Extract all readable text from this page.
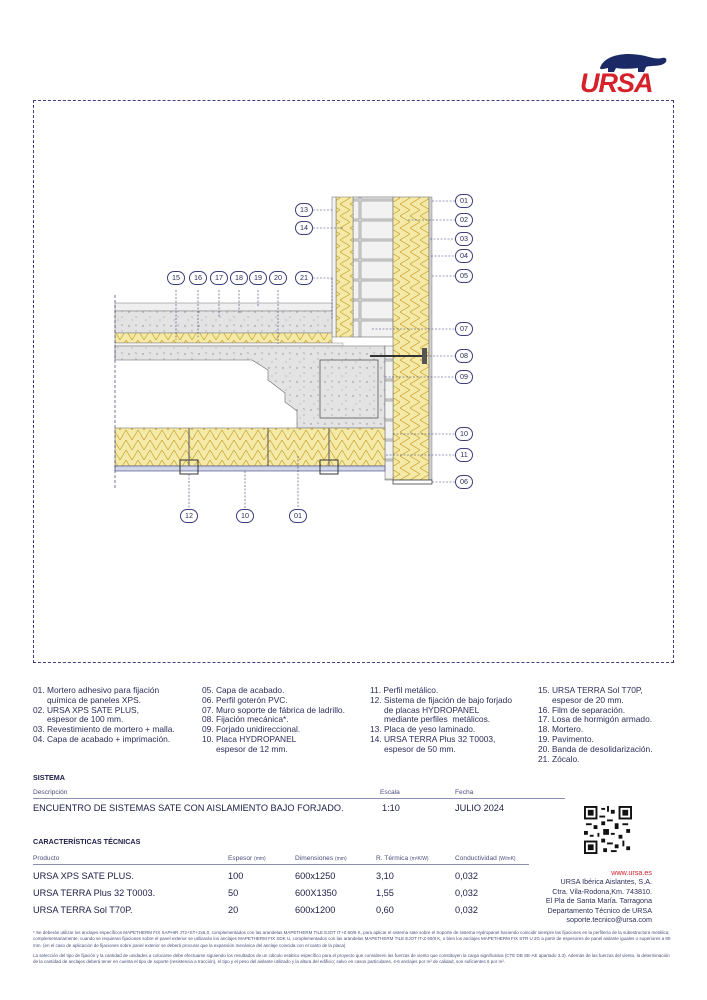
URSA
01
02
03
04
05
07
08
09
10
11
06
13
14
15	16	17	18	19	20	21
12	10	01
01. Mortero adhesivo para fijación
química de paneles XPS.
02. URSA XPS SATE PLUS,
espesor de 100 mm.
03. Revestimiento de mortero + malla.
04. Capa de acabado + imprimación.
05. Capa de acabado.
06. Perfil goterón PVC.
07. Muro soporte de fábrica de ladrillo.
08. Fijación mecánica*.
09. Forjado unidireccional.
10. Placa HYDROPANEL
espesor de 12 mm.
11. Perfil metálico.
12. Sistema de fijación de bajo forjado
de placas HYDROPANEL
mediante perfiles  metálicos.
13. Placa de yeso laminado.
14. URSA TERRA Plus 32 T0003,
espesor de 50 mm.
15. URSA TERRA Sol T70P,
espesor de 20 mm.
16. Film de separación.
17. Losa de hormigón armado.
18. Mortero.
19. Pavimento.
20. Banda de desolidarización.
21. Zócalo.
SISTEMA
Descripción	Escala	Fecha
ENCUENTRO DE SISTEMAS SATE CON AISLAMIENTO BAJO FORJADO.	1:10	JULIO 2024
CARACTERÍSTICAS TÉCNICAS
Producto	Espesor (mm)	Dimensiones (mm)	R. Térmica (m²K/W)	Conductividad (W/mK)
URSA XPS SATE PLUS.	100	600x1250	3,10	0,032
URSA TERRA Plus 32 T0003.	50	600X1350	1,55	0,032
URSA TERRA Sol T70P.	20	600x1200	0,60	0,032
www.ursa.es
URSA Ibérica Aislantes, S.A.
Ctra. Vila-Rodona,Km. 743810.
El Pla de Santa María. Tarragona
Departamento Técnico de URSA
soporte.tecnico@ursa.com
* Se deberán utilizar los anclajes específicos MAPETHERM FIX SAPHIR JT2+ST+2x6,0, complementados con las arandelas MAPETHERM TILE EJOT IT+Z 60/8 K, para aplicar el sistema sate sobre el Soporte de sistema Hydropanel haciendo coincidir siempre las fijaciones en la perfilería de la subestructura metálica; complementariamente, cuando se requieran fijaciones sobre el panel exterior se utilizarán los anclajes MAPETHERM FIX SDK U, complementados con las arandelas MAPETHERM TILE EJOT IT-Z 60/8 K, o bien los anclajes MAPETHERM FIX STR U 2G a partir de espesores de panel aislante iguales o superiores a 80 mm. (en el caso de aplicación de fijaciones sobre panel exterior se deberá procurar que la expansión mecánica del anclaje coincida con el canto de la placa)
La selección del tipo de fijación y la cantidad de unidades a colocarse debe efectuarse siguiendo los resultados de un cálculo estático específico para el proyecto que consideren las fuerzas de viento que constituyen la carga significativa (CTE DB SE-AE apartado 3.3). Además de las fuerzas del viento, la determinación de la cantidad de anclajes deberá tener en cuenta el tipo de soporte (resistencia a tracción), el tipo y el peso del aislante utilizado y la altura del edificio; salvo en casos particulares, 4-6 anclajes por m² de calidad, son suficientes 6 por m².
